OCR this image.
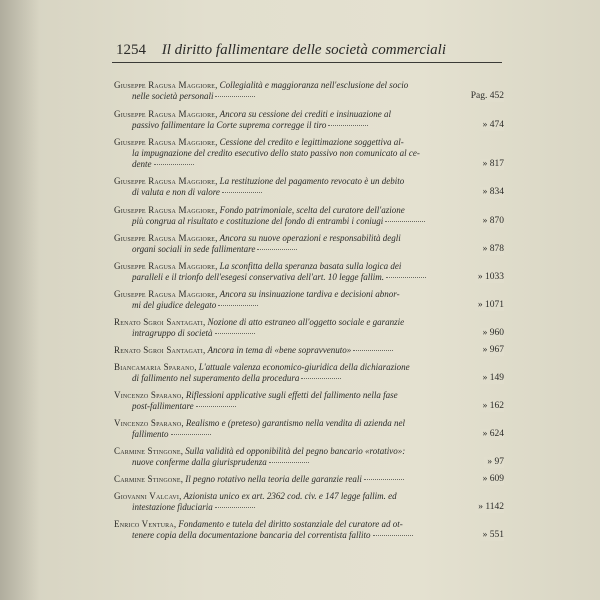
1254 Il diritto fallimentare delle società commerciali
Giuseppe Ragusa Maggiore, Collegialità e maggioranza nell'esclusione del socio
nelle società personali	Pag. 452
Giuseppe Ragusa Maggiore, Ancora su cessione dei crediti e insinuazione al
passivo fallimentare la Corte suprema corregge il tiro	» 474
Giuseppe Ragusa Maggiore, Cessione del credito e legittimazione soggettiva al-
la impugnazione del credito esecutivo dello stato passivo non comunicato al ce-
dente	» 817
Giuseppe Ragusa Maggiore, La restituzione del pagamento revocato è un debito
di valuta e non di valore	» 834
Giuseppe Ragusa Maggiore, Fondo patrimoniale, scelta del curatore dell'azione
più congrua al risultato e costituzione del fondo di entrambi i coniugi	» 870
Giuseppe Ragusa Maggiore, Ancora su nuove operazioni e responsabilità degli
organi sociali in sede fallimentare	» 878
Giuseppe Ragusa Maggiore, La sconfitta della speranza basata sulla logica dei
paralleli e il trionfo dell'esegesi conservativa dell'art. 10 legge fallim.	» 1033
Giuseppe Ragusa Maggiore, Ancora su insinuazione tardiva e decisioni abnor-
mi del giudice delegato	» 1071
Renato Sgroi Santagati, Nozione di atto estraneo all'oggetto sociale e garanzie
intragruppo di società	» 960
Renato Sgroi Santagati, Ancora in tema di «bene sopravvenuto»	» 967
Biancamaria Sparano, L'attuale valenza economico-giuridica della dichiarazione
di fallimento nel superamento della procedura	» 149
Vincenzo Sparano, Riflessioni applicative sugli effetti del fallimento nella fase
post-fallimentare	» 162
Vincenzo Sparano, Realismo e (preteso) garantismo nella vendita di azienda nel
fallimento	» 624
Carmine Stingone, Sulla validità ed opponibilità del pegno bancario «rotativo»:
nuove conferme dalla giurisprudenza	» 97
Carmine Stingone, Il pegno rotativo nella teoria delle garanzie reali	» 609
Giovanni Valcavi, Azionista unico ex art. 2362 cod. civ. e 147 legge fallim. ed
intestazione fiduciaria	» 1142
Enrico Ventura, Fondamento e tutela del diritto sostanziale del curatore ad ot-
tenere copia della documentazione bancaria del correntista fallito	» 551
